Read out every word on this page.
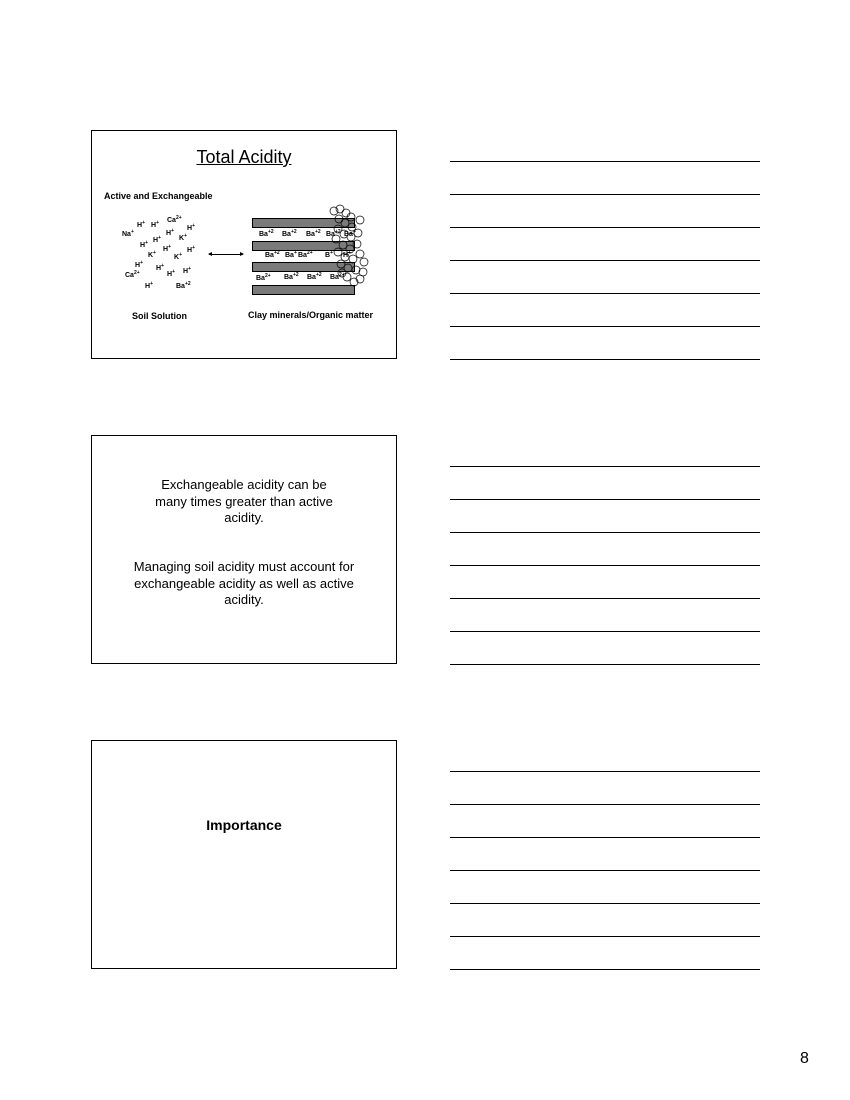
Total Acidity
Active and Exchangeable
H+ H+ $Ca^{2+}$
H+
Na+	H+
K+
H+
H+
K+ H+
K+
H+
H+
H+
$Ca^{2+}$	H+ H+
H+	$Ba^{+2}$
$Ba^{+2}$ $Ba^{+2}$ $Ba^{+2}$ $Ba^{+2}$ Ba+
$Ba^{+2}$ Ba+ $Ba^{2+}$ B+ H+
$Ba^{2+}$ $Ba^{+2}$ $Ba^{+2}$ $Ba^{2+}$
Soil Solution	Clay minerals/Organic matter

Exchangeable acidity can be many times greater than active acidity.

Managing soil acidity must account for exchangeable acidity as well as active acidity.

Importance
8
